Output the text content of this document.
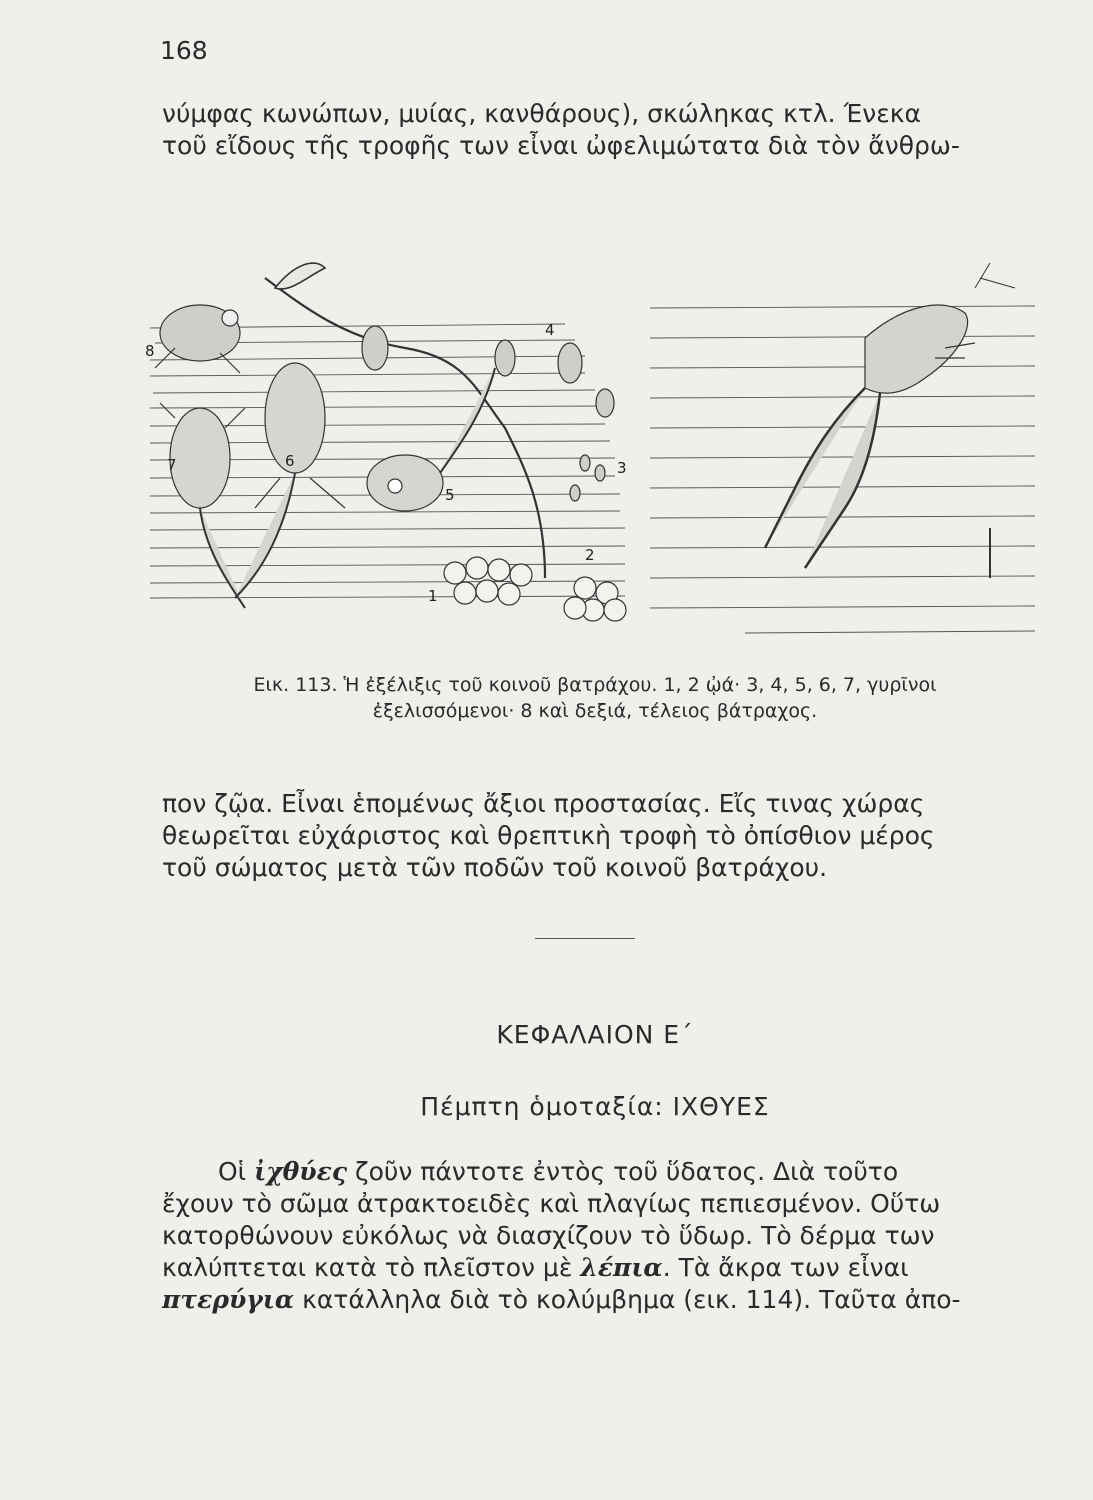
168
νύμφας κωνώπων, μυίας, κανθάρους), σκώληκας κτλ. Ένεκα
τοῦ εἴδους τῆς τροφῆς των εἶναι ὠφελιμώτατα διὰ τὸν ἄνθρω-
1
2
3
4
5
6
7
8
Εικ. 113. Ἡ ἐξέλιξις τοῦ κοινοῦ βατράχου. 1, 2 ᾠά· 3, 4, 5, 6, 7, γυρῖνοι
ἐξελισσόμενοι· 8 καὶ δεξιά, τέλειος βάτραχος.
πον ζῷα. Εἶναι ἑπομένως ἄξιοι προστασίας. Εἴς τινας χώρας
θεωρεῖται εὐχάριστος καὶ θρεπτικὴ τροφὴ τὸ ὀπίσθιον μέρος
τοῦ σώματος μετὰ τῶν ποδῶν τοῦ κοινοῦ βατράχου.
ΚΕΦΑΛΑΙΟΝ Ε΄
Πέμπτη ὁμοταξία: ΙΧΘΥΕΣ
Οἱ ἰχθύες ζοῦν πάντοτε ἐντὸς τοῦ ὕδατος. Διὰ τοῦτο
ἔχουν τὸ σῶμα ἀτρακτοειδὲς καὶ πλαγίως πεπιεσμένον. Οὕτω
κατορθώνουν εὐκόλως νὰ διασχίζουν τὸ ὕδωρ. Τὸ δέρμα των
καλύπτεται κατὰ τὸ πλεῖστον μὲ λέπια. Τὰ ἄκρα των εἶναι
πτερύγια κατάλληλα διὰ τὸ κολύμβημα (εικ. 114). Ταῦτα ἀπο-
